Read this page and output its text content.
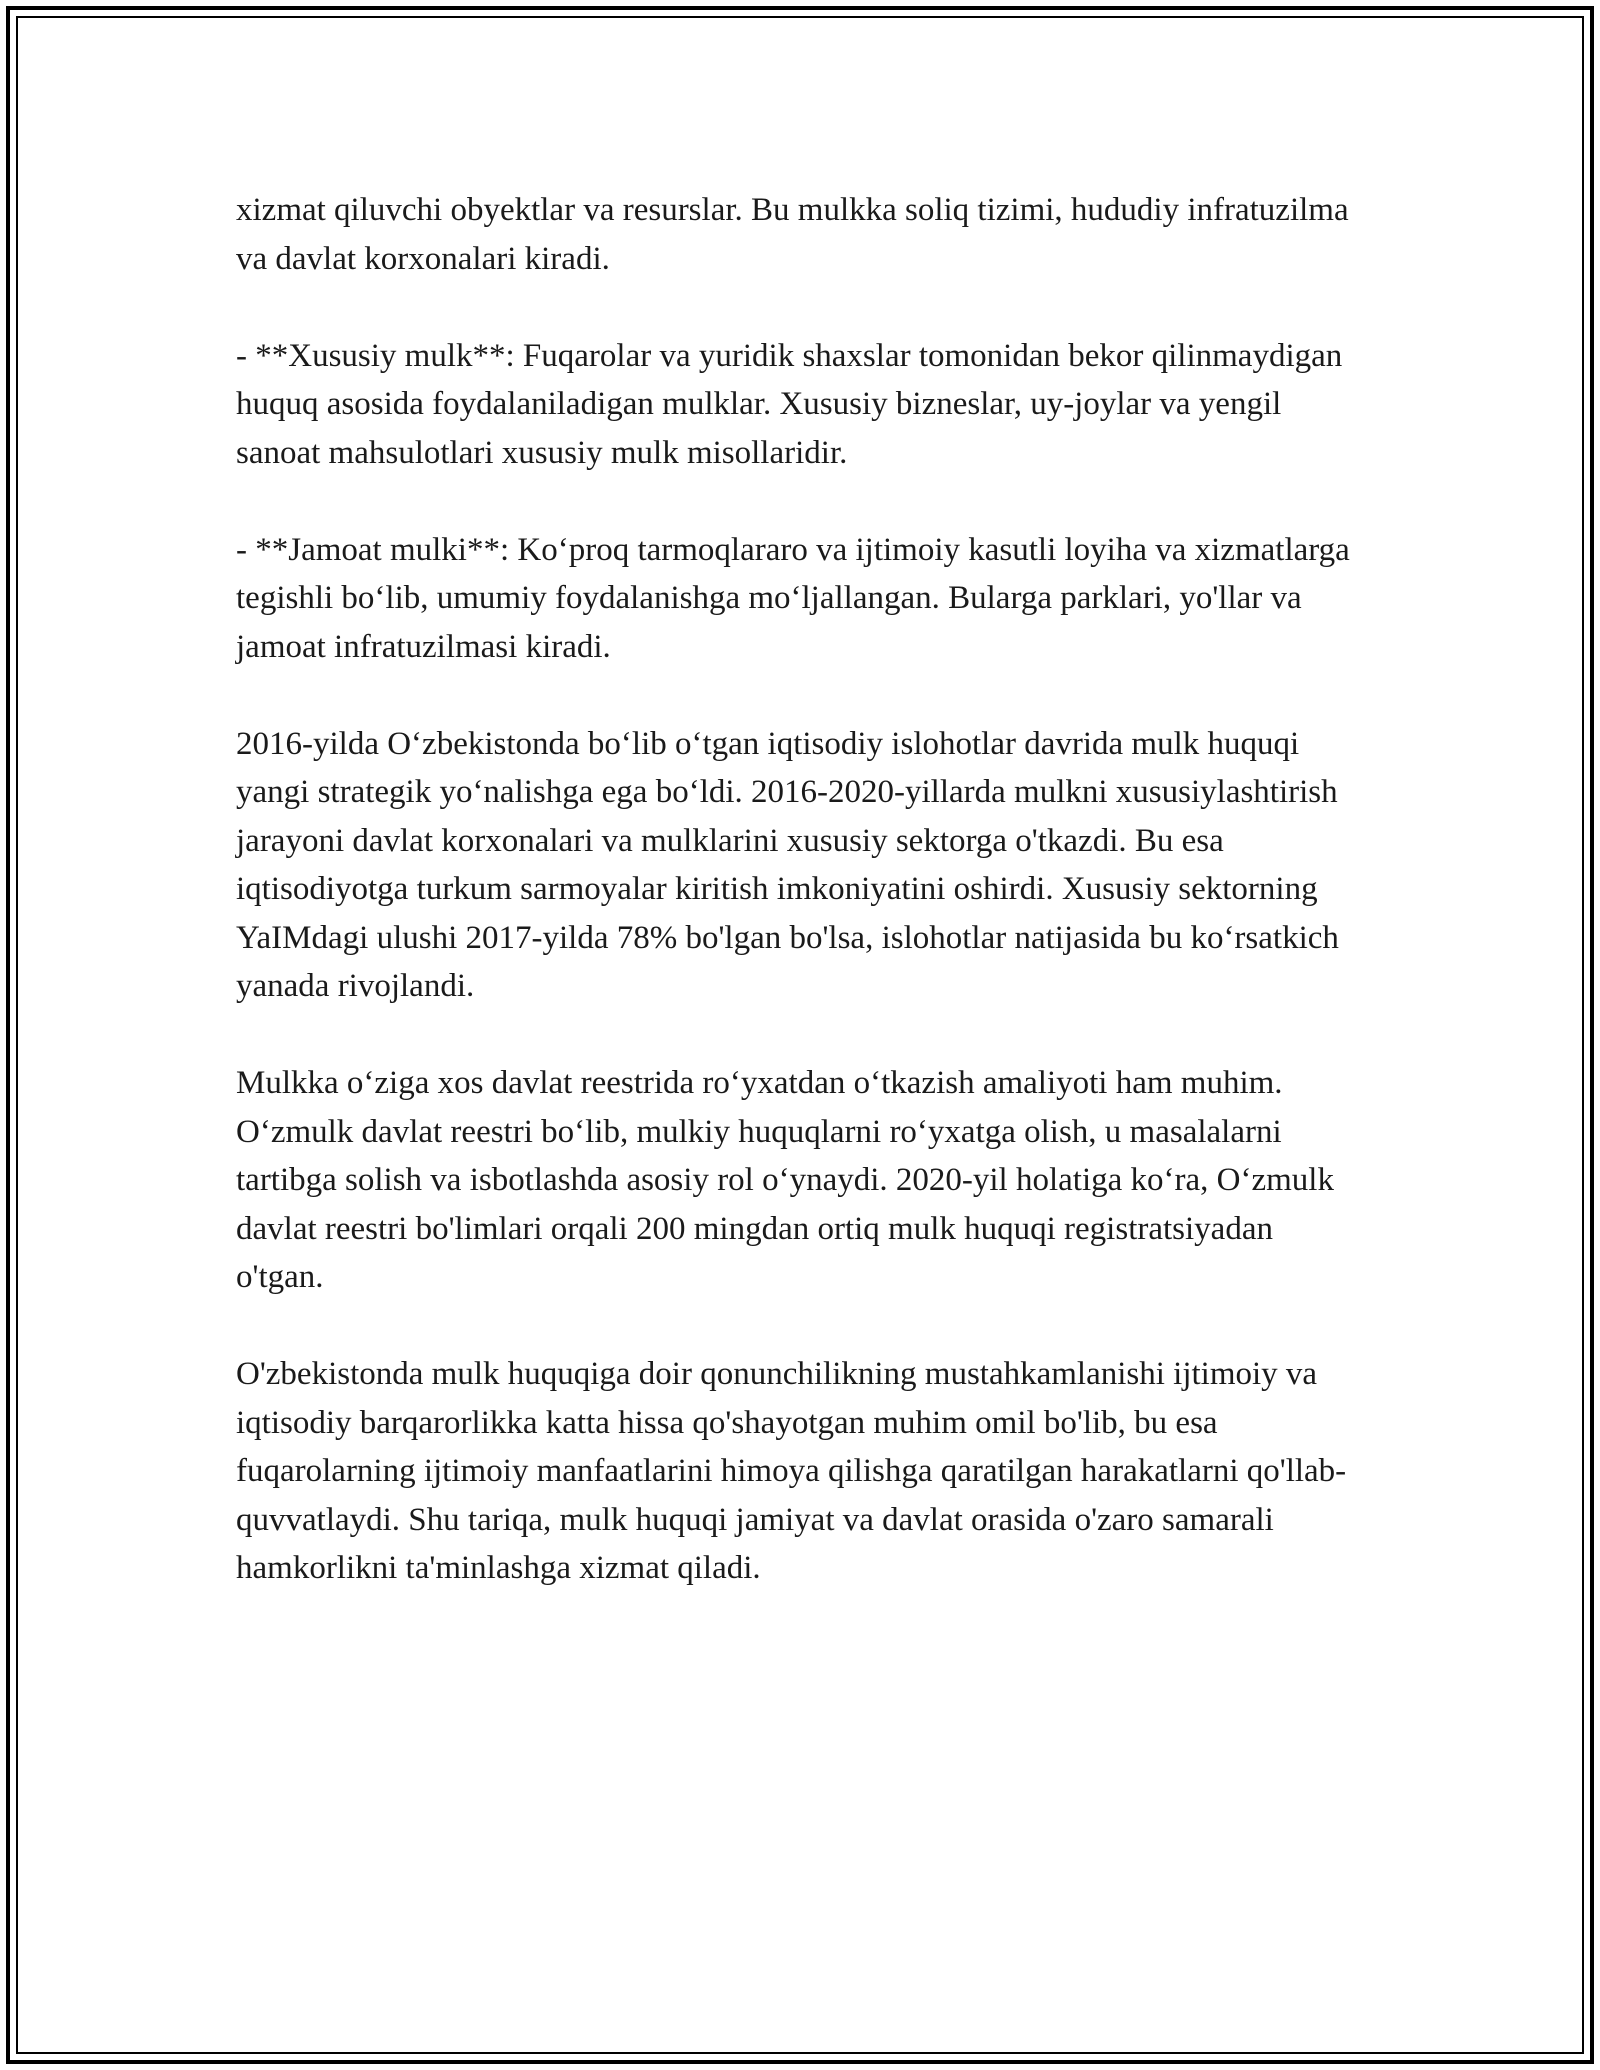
xizmat qiluvchi obyektlar va resurslar. Bu mulkka soliq tizimi, hududiy infratuzilma va davlat korxonalari kiradi.

- **Xususiy mulk**: Fuqarolar va yuridik shaxslar tomonidan bekor qilinmaydigan huquq asosida foydalaniladigan mulklar. Xususiy bizneslar, uy-joylar va yengil sanoat mahsulotlari xususiy mulk misollaridir.

- **Jamoat mulki**: Ko‘proq tarmoqlararo va ijtimoiy kasutli loyiha va xizmatlarga tegishli bo‘lib, umumiy foydalanishga mo‘ljallangan. Bularga parklari, yo'llar va jamoat infratuzilmasi kiradi.

2016-yilda O‘zbekistonda bo‘lib o‘tgan iqtisodiy islohotlar davrida mulk huquqi yangi strategik yo‘nalishga ega bo‘ldi. 2016-2020-yillarda mulkni xususiylashtirish jarayoni davlat korxonalari va mulklarini xususiy sektorga o'tkazdi. Bu esa iqtisodiyotga turkum sarmoyalar kiritish imkoniyatini oshirdi. Xususiy sektorning YaIMdagi ulushi 2017-yilda 78% bo'lgan bo'lsa, islohotlar natijasida bu ko‘rsatkich yanada rivojlandi.

Mulkka o‘ziga xos davlat reestrida ro‘yxatdan o‘tkazish amaliyoti ham muhim. O‘zmulk davlat reestri bo‘lib, mulkiy huquqlarni ro‘yxatga olish, u masalalarni tartibga solish va isbotlashda asosiy rol o‘ynaydi. 2020-yil holatiga ko‘ra, O‘zmulk davlat reestri bo'limlari orqali 200 mingdan ortiq mulk huquqi registratsiyadan o'tgan.

O'zbekistonda mulk huquqiga doir qonunchilikning mustahkamlanishi ijtimoiy va iqtisodiy barqarorlikka katta hissa qo'shayotgan muhim omil bo'lib, bu esa fuqarolarning ijtimoiy manfaatlarini himoya qilishga qaratilgan harakatlarni qo'llab-quvvatlaydi. Shu tariqa, mulk huquqi jamiyat va davlat orasida o'zaro samarali hamkorlikni ta'minlashga xizmat qiladi.
